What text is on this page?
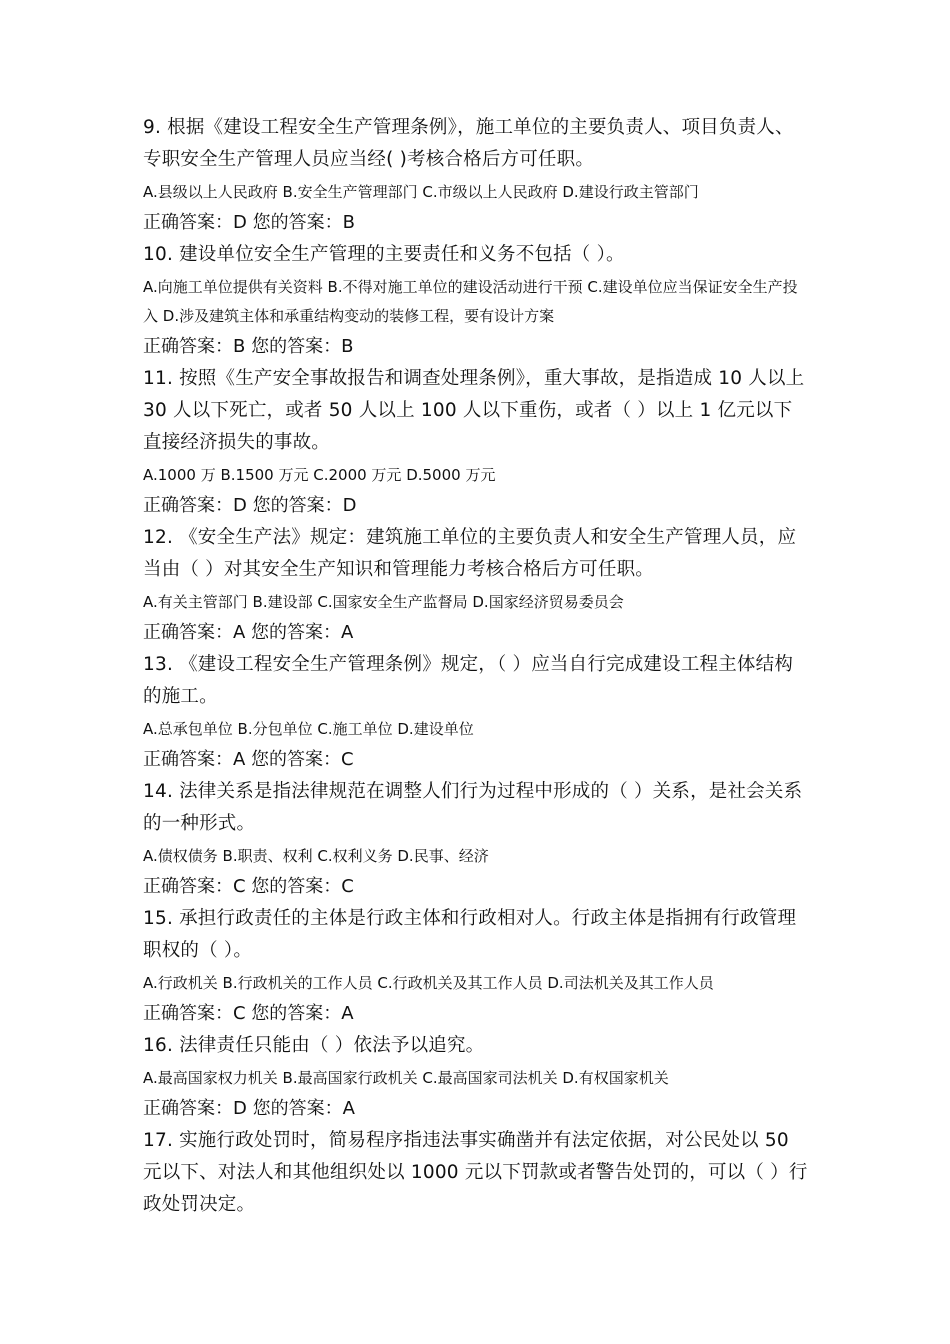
9. 根据《建设工程安全生产管理条例》，施工单位的主要负责人、项目负责人、专职安全生产管理人员应当经( )考核合格后方可任职。

A.县级以上人民政府 B.安全生产管理部门 C.市级以上人民政府 D.建设行政主管部门

正确答案：D 您的答案：B

10. 建设单位安全生产管理的主要责任和义务不包括（ ）。

A.向施工单位提供有关资料 B.不得对施工单位的建设活动进行干预 C.建设单位应当保证安全生产投入 D.涉及建筑主体和承重结构变动的装修工程，要有设计方案

正确答案：B 您的答案：B

11. 按照《生产安全事故报告和调查处理条例》，重大事故，是指造成 10 人以上 30 人以下死亡，或者 50 人以上 100 人以下重伤，或者（ ）以上 1 亿元以下直接经济损失的事故。

A.1000 万 B.1500 万元 C.2000 万元 D.5000 万元

正确答案：D 您的答案：D

12. 《安全生产法》规定：建筑施工单位的主要负责人和安全生产管理人员，应当由（ ）对其安全生产知识和管理能力考核合格后方可任职。

A.有关主管部门 B.建设部 C.国家安全生产监督局 D.国家经济贸易委员会

正确答案：A 您的答案：A

13. 《建设工程安全生产管理条例》规定，（ ）应当自行完成建设工程主体结构的施工。

A.总承包单位 B.分包单位 C.施工单位 D.建设单位

正确答案：A 您的答案：C

14. 法律关系是指法律规范在调整人们行为过程中形成的（ ）关系，是社会关系的一种形式。

A.债权债务 B.职责、权利 C.权利义务 D.民事、经济

正确答案：C 您的答案：C

15. 承担行政责任的主体是行政主体和行政相对人。行政主体是指拥有行政管理职权的（ ）。

A.行政机关 B.行政机关的工作人员 C.行政机关及其工作人员 D.司法机关及其工作人员

正确答案：C 您的答案：A

16. 法律责任只能由（ ）依法予以追究。

A.最高国家权力机关 B.最高国家行政机关 C.最高国家司法机关 D.有权国家机关

正确答案：D 您的答案：A

17. 实施行政处罚时，简易程序指违法事实确凿并有法定依据，对公民处以 50 元以下、对法人和其他组织处以 1000 元以下罚款或者警告处罚的，可以（ ）行政处罚决定。
